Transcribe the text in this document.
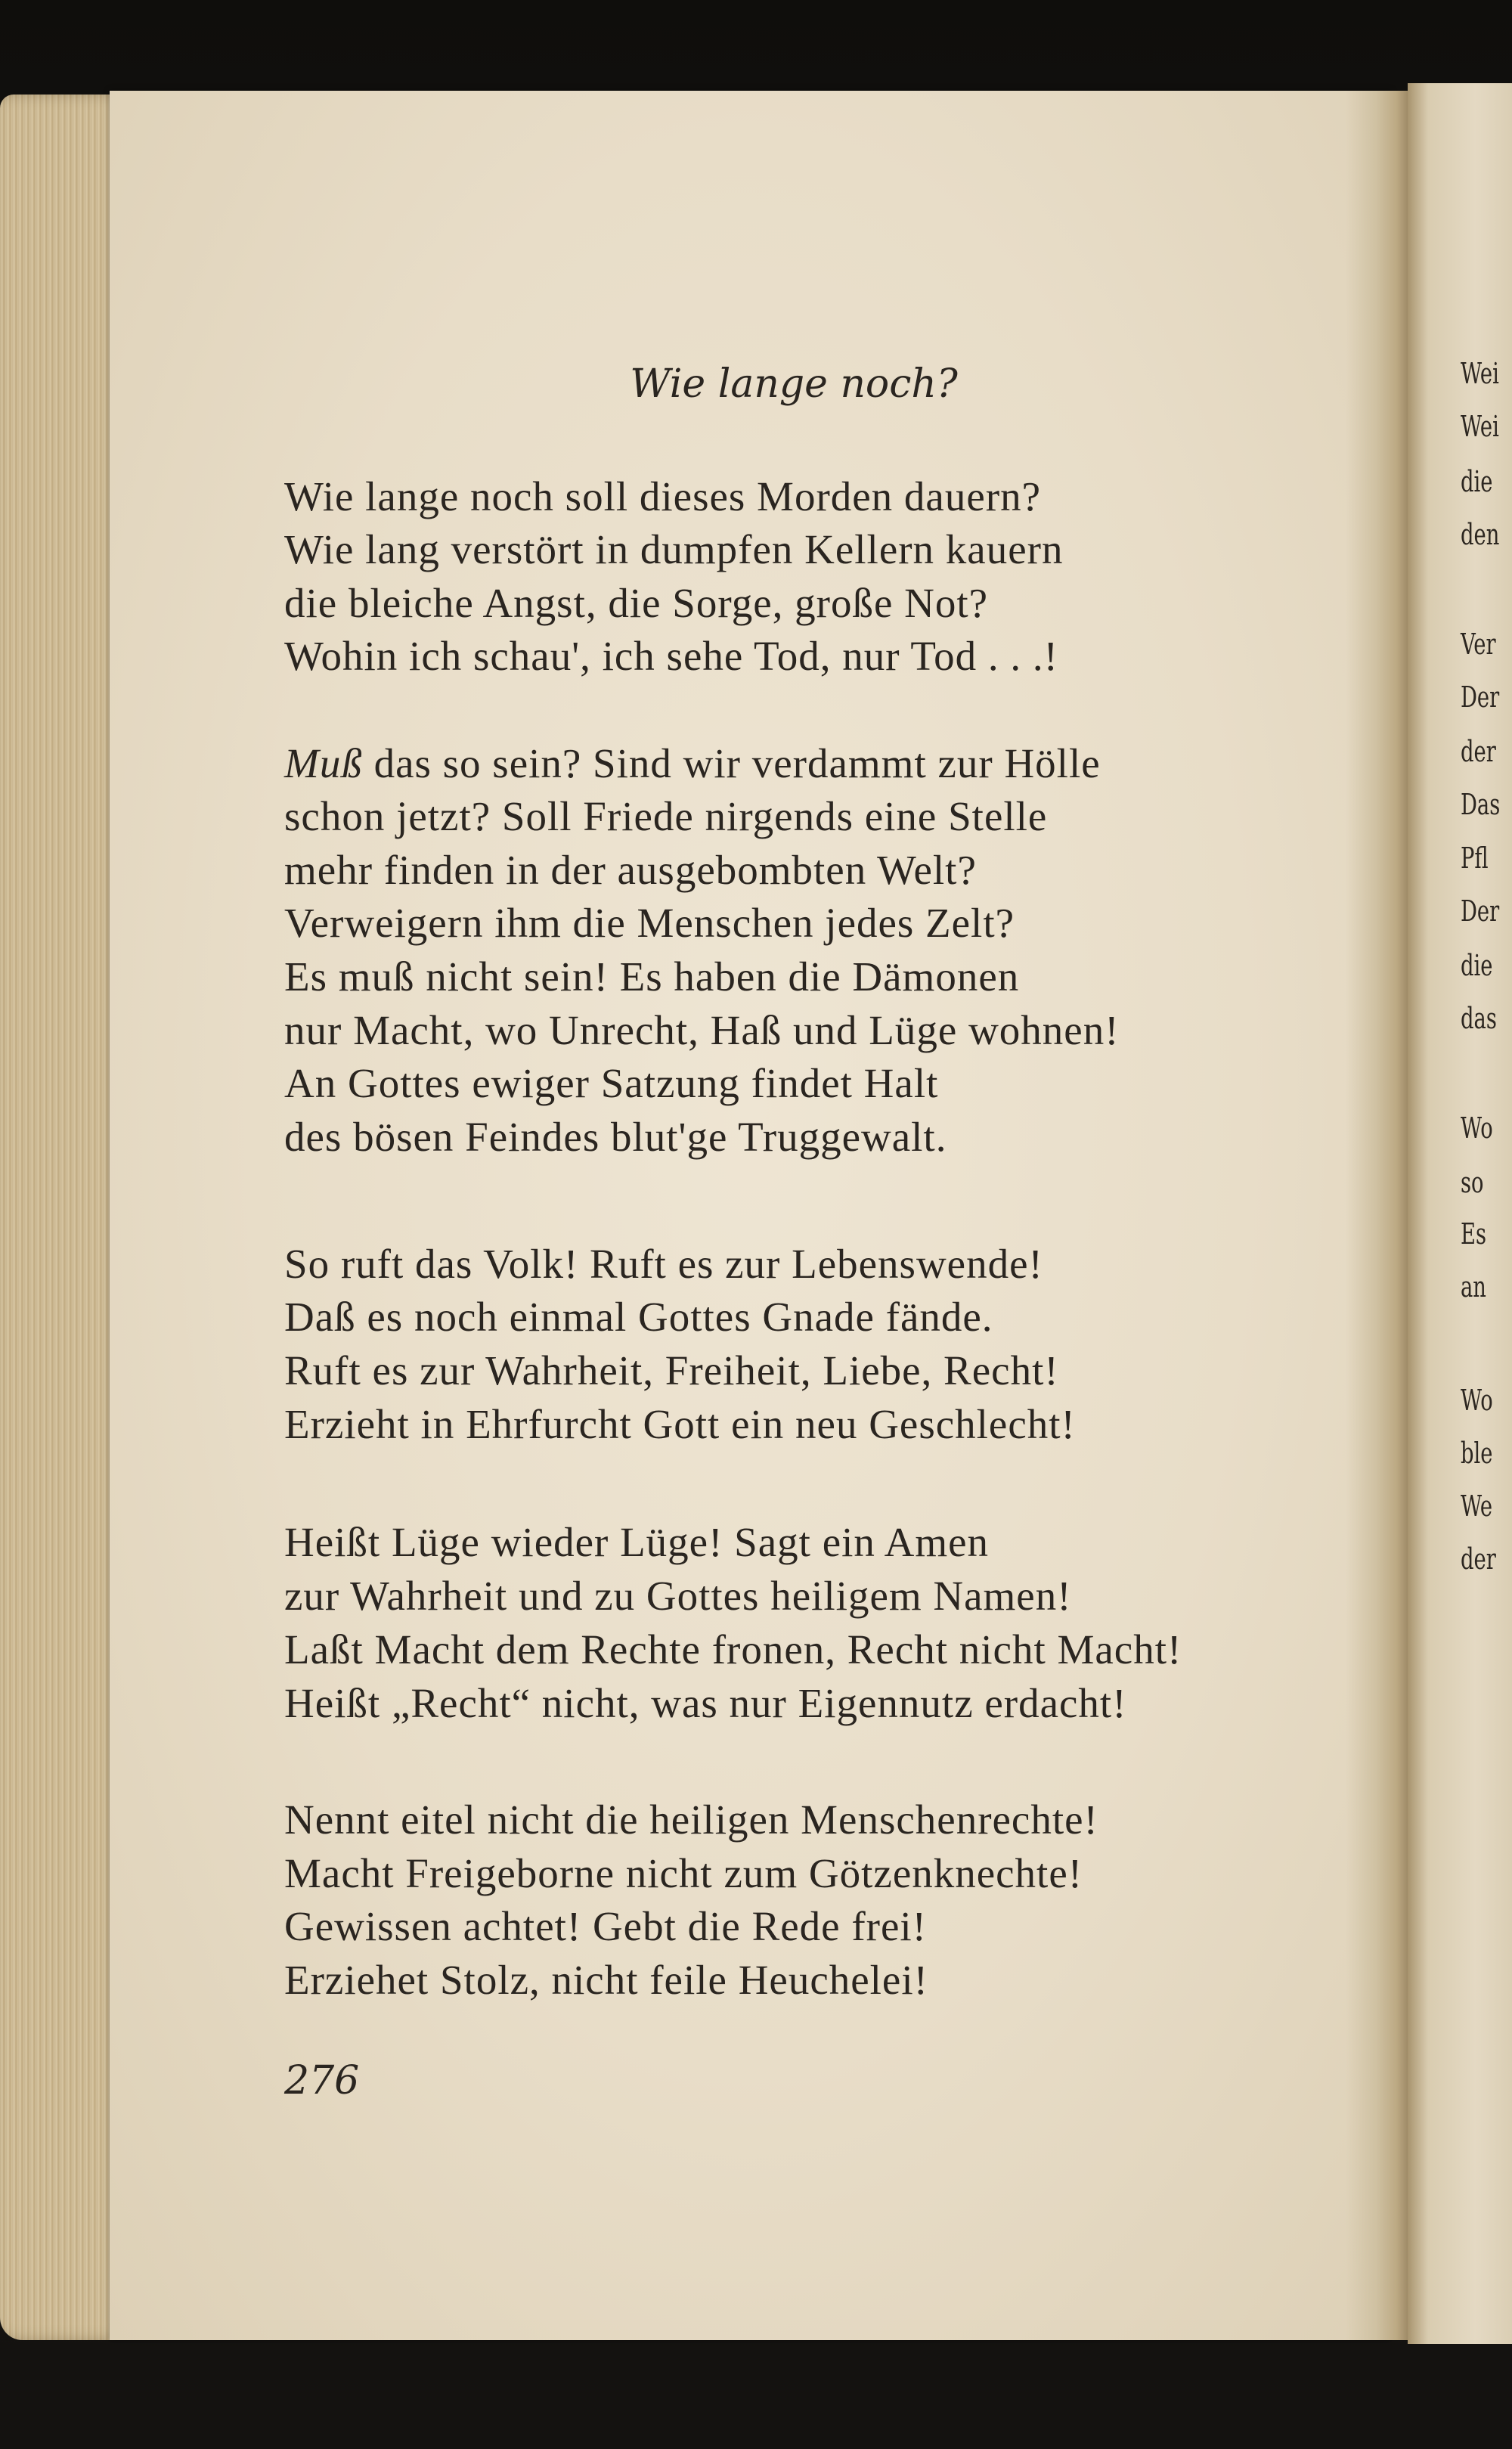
Wei
Wei
die
den
Ver
Der
der
Das
Pfl
Der
die
das
Wo
so
Es
an
Wo
ble
We
der
Wie lange noch?
Wie lange noch soll dieses Morden dauern?
Wie lang verstört in dumpfen Kellern kauern
die bleiche Angst, die Sorge, große Not?
Wohin ich schau', ich sehe Tod, nur Tod . . .!
Muß das so sein? Sind wir verdammt zur Hölle
schon jetzt? Soll Friede nirgends eine Stelle
mehr finden in der ausgebombten Welt?
Verweigern ihm die Menschen jedes Zelt?
Es muß nicht sein! Es haben die Dämonen
nur Macht, wo Unrecht, Haß und Lüge wohnen!
An Gottes ewiger Satzung findet Halt
des bösen Feindes blut'ge Truggewalt.
So ruft das Volk! Ruft es zur Lebenswende!
Daß es noch einmal Gottes Gnade fände.
Ruft es zur Wahrheit, Freiheit, Liebe, Recht!
Erzieht in Ehrfurcht Gott ein neu Geschlecht!
Heißt Lüge wieder Lüge! Sagt ein Amen
zur Wahrheit und zu Gottes heiligem Namen!
Laßt Macht dem Rechte fronen, Recht nicht Macht!
Heißt „Recht“ nicht, was nur Eigennutz erdacht!
Nennt eitel nicht die heiligen Menschenrechte!
Macht Freigeborne nicht zum Götzenknechte!
Gewissen achtet! Gebt die Rede frei!
Erziehet Stolz, nicht feile Heuchelei!
276
